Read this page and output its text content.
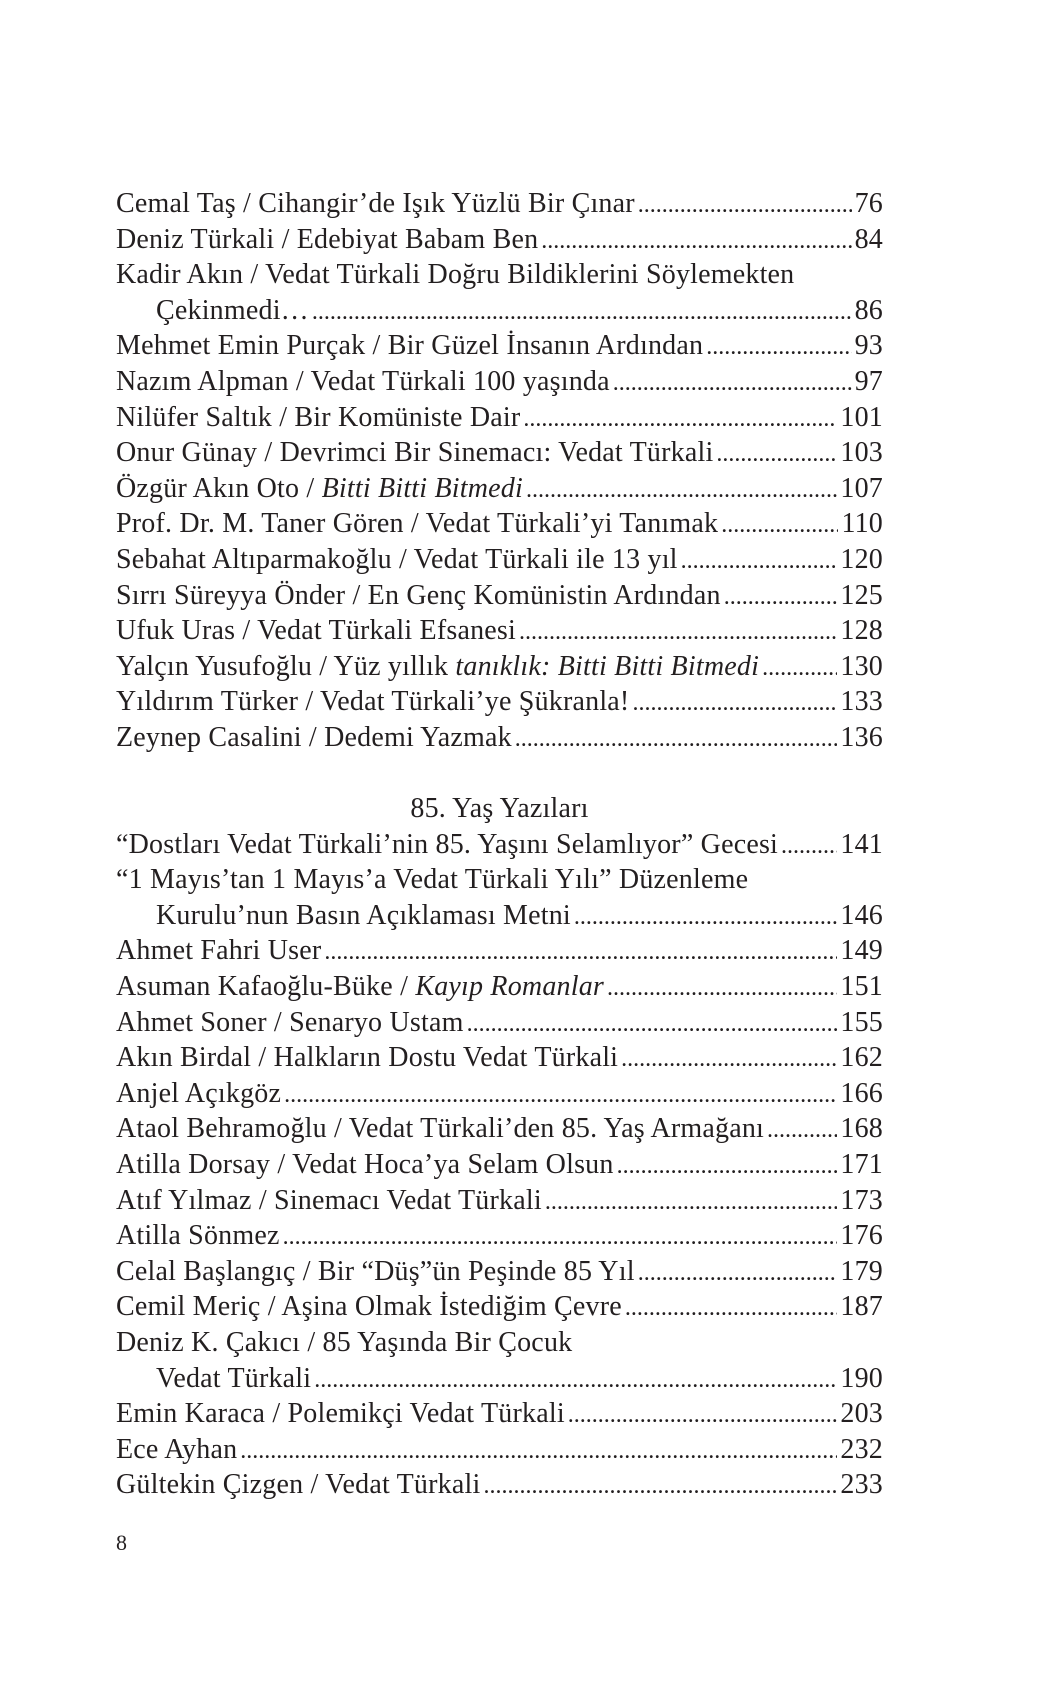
Cemal Taş / Cihangir’de Işık Yüzlü Bir Çınar . . .	76
Deniz Türkali / Edebiyat Babam Ben . . .	84
Kadir Akın / Vedat Türkali Doğru Bildiklerini Söylemekten
Çekinmedi… . . .	86
Mehmet Emin Purçak / Bir Güzel İnsanın Ardından . . .	93
Nazım Alpman / Vedat Türkali 100 yaşında . . .	97
Nilüfer Saltık / Bir Komüniste Dair . . .	101
Onur Günay / Devrimci Bir Sinemacı: Vedat Türkali . . .	103
Özgür Akın Oto / Bitti Bitti Bitmedi . . .	107
Prof. Dr. M. Taner Gören / Vedat Türkali’yi Tanımak . . .	110
Sebahat Altıparmakoğlu / Vedat Türkali ile 13 yıl . . .	120
Sırrı Süreyya Önder / En Genç Komünistin Ardından . . .	125
Ufuk Uras / Vedat Türkali Efsanesi . . .	128
Yalçın Yusufoğlu / Yüz yıllık tanıklık: Bitti Bitti Bitmedi . . .	130
Yıldırım Türker / Vedat Türkali’ye Şükranla! . . .	133
Zeynep Casalini / Dedemi Yazmak . . .	136
85. Yaş Yazıları
“Dostları Vedat Türkali’nin 85. Yaşını Selamlıyor” Gecesi . . . 141
“1 Mayıs’tan 1 Mayıs’a Vedat Türkali Yılı” Düzenleme
Kurulu’nun Basın Açıklaması Metni . . .	146
Ahmet Fahri User . . .	149
Asuman Kafaoğlu-Büke / Kayıp Romanlar . . .	151
Ahmet Soner / Senaryo Ustam . . .	155
Akın Birdal / Halkların Dostu Vedat Türkali . . .	162
Anjel Açıkgöz . . .	166
Ataol Behramoğlu / Vedat Türkali’den 85. Yaş Armağanı . . .	168
Atilla Dorsay / Vedat Hoca’ya Selam Olsun . . .	171
Atıf Yılmaz / Sinemacı Vedat Türkali . . .	173
Atilla Sönmez . . .	176
Celal Başlangıç / Bir “Düş”ün Peşinde 85 Yıl . . .	179
Cemil Meriç / Aşina Olmak İstediğim Çevre . . .	187
Deniz K. Çakıcı / 85 Yaşında Bir Çocuk
Vedat Türkali . . .	190
Emin Karaca / Polemikçi Vedat Türkali . . .	203
Ece Ayhan . . .	232
Gültekin Çizgen / Vedat Türkali . . .	233
8
